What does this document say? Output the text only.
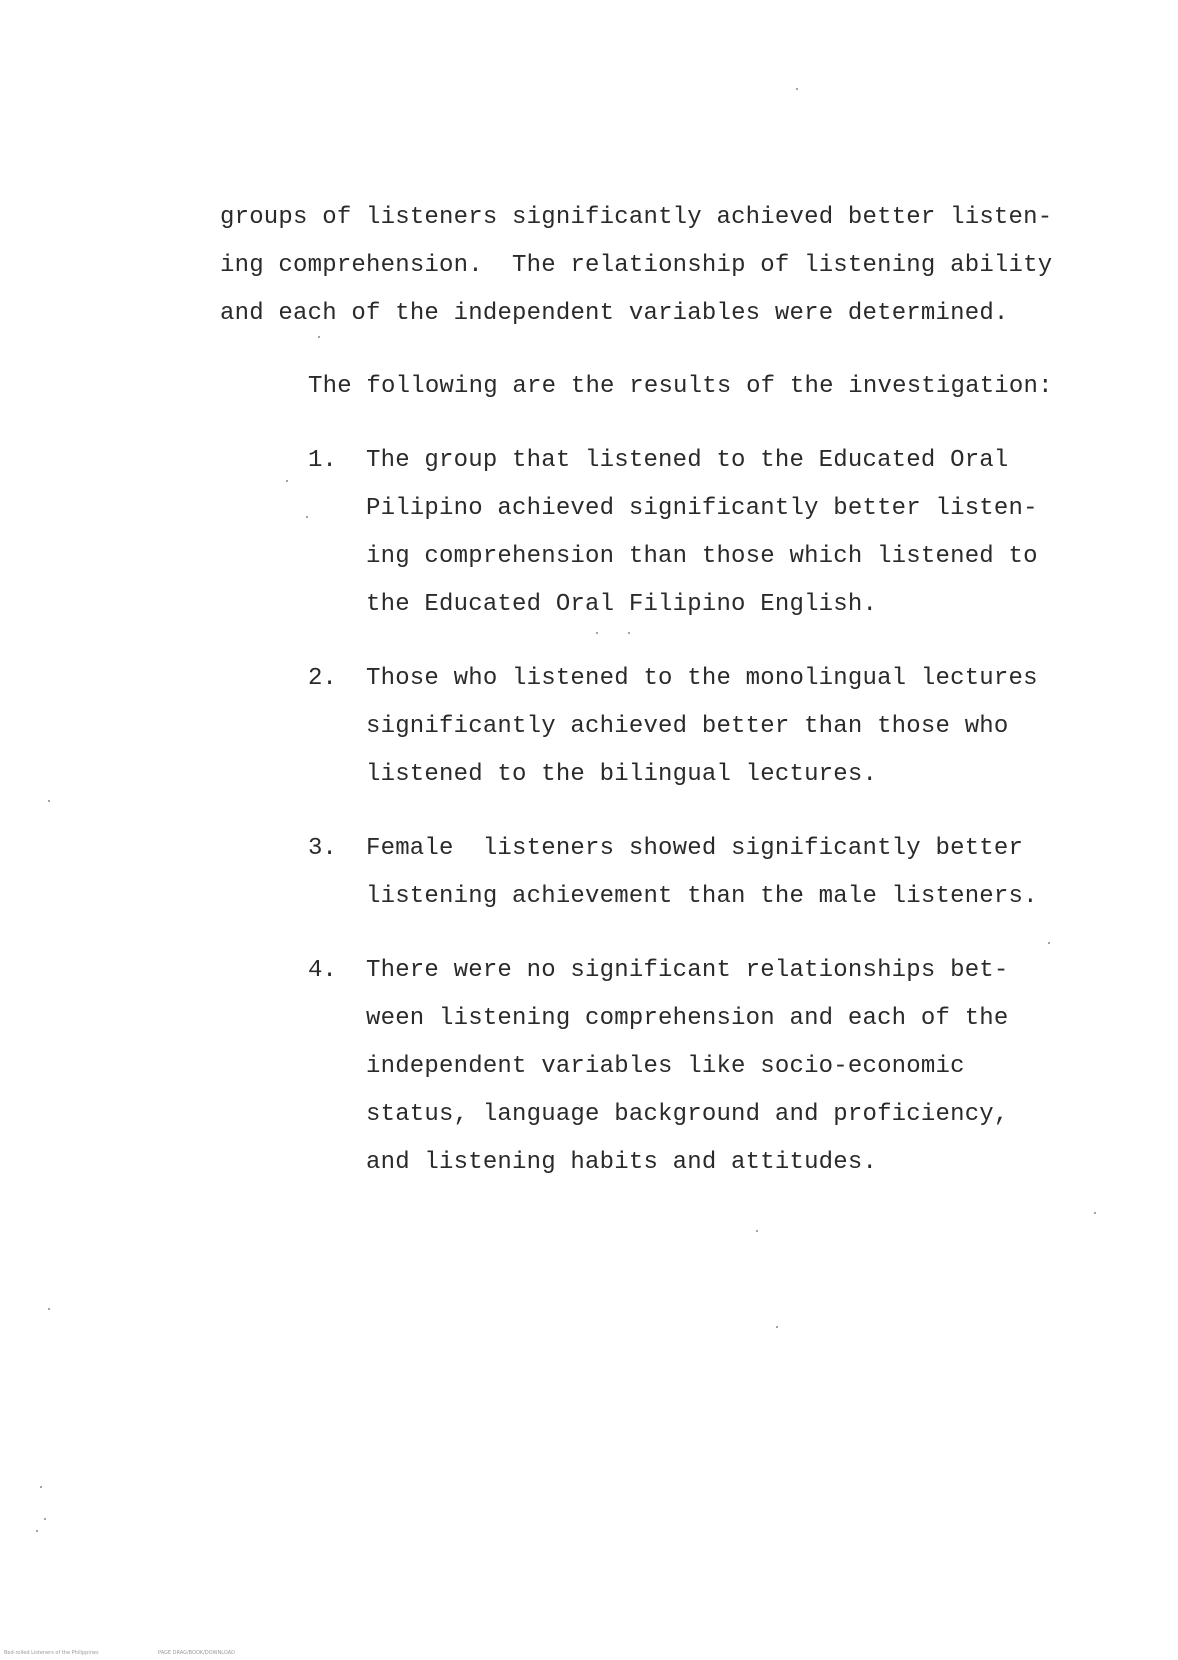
groups of listeners significantly achieved better listen-
ing comprehension.  The relationship of listening ability
and each of the independent variables were determined.
The following are the results of the investigation:
1. The group that listened to the Educated Oral
Pilipino achieved significantly better listen-
ing comprehension than those which listened to
the Educated Oral Filipino English.
2. Those who listened to the monolingual lectures
significantly achieved better than those who
listened to the bilingual lectures.
3. Female  listeners showed significantly better
listening achievement than the male listeners.
4. There were no significant relationships bet-
ween listening comprehension and each of the
independent variables like socio-economic
status, language background and proficiency,
and listening habits and attitudes.
Bed-rolled Listeners of the Philippines	PAGE DRAG/BOOK/DOWNLOAD
